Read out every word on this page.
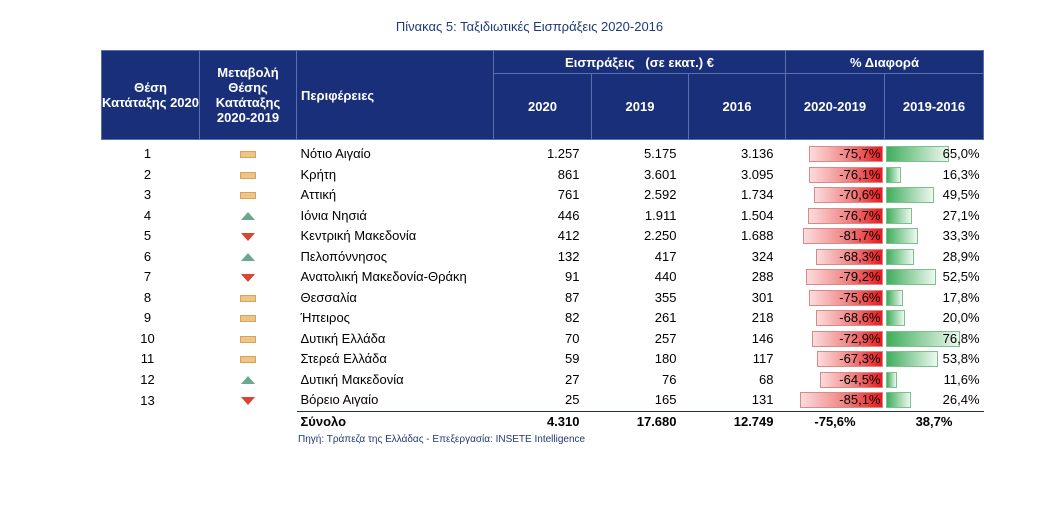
Πίνακας 5: Ταξιδιωτικές Εισπράξεις 2020-2016
Θέση Κατάταξης 2020	Μεταβολή Θέσης Κατάταξης 2020-2019	Περιφέρειες	Εισπράξεις   (σε εκατ.) €			% Διαφορά	
			2020	2019	2016	2020-2019	2019-2016

1		Νότιο Αιγαίο	1.257	5.175	3.136	-75,7%	65,0%

2		Κρήτη	861	3.601	3.095	-76,1%	16,3%

3		Αττική	761	2.592	1.734	-70,6%	49,5%

4		Ιόνια Νησιά	446	1.911	1.504	-76,7%	27,1%

5		Κεντρική Μακεδονία	412	2.250	1.688	-81,7%	33,3%

6		Πελοπόννησος	132	417	324	-68,3%	28,9%

7		Ανατολική Μακεδονία-Θράκη	91	440	288	-79,2%	52,5%

8		Θεσσαλία	87	355	301	-75,6%	17,8%

9		Ήπειρος	82	261	218	-68,6%	20,0%

10		Δυτική Ελλάδα	70	257	146	-72,9%	76,8%

11		Στερεά Ελλάδα	59	180	117	-67,3%	53,8%

12		Δυτική Μακεδονία	27	76	68	-64,5%	11,6%

13		Βόρειο Αιγαίο	25	165	131	-85,1%	26,4%

		Σύνολο	4.310	17.680	12.749	-75,6%	38,7%
Πηγή: Τράπεζα της Ελλάδας - Επεξεργασία: INSETE Intelligence
